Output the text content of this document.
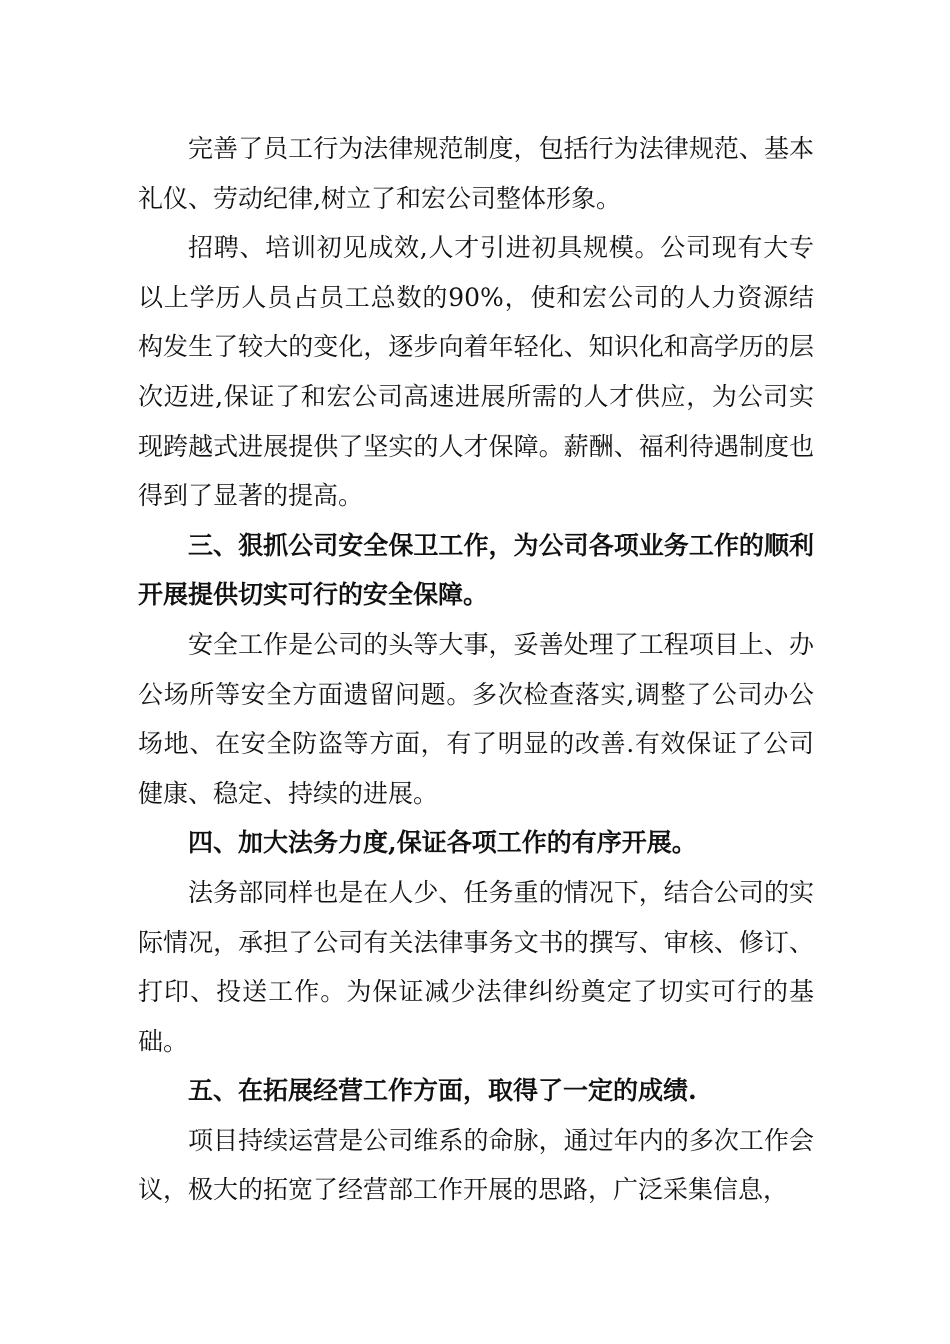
完善了员工行为法律规范制度，包括行为法律规范、基本礼仪、劳动纪律,树立了和宏公司整体形象。

招聘、培训初见成效,人才引进初具规模。公司现有大专以上学历人员占员工总数的90%，使和宏公司的人力资源结构发生了较大的变化，逐步向着年轻化、知识化和高学历的层次迈进,保证了和宏公司高速进展所需的人才供应，为公司实现跨越式进展提供了坚实的人才保障。薪酬、福利待遇制度也得到了显著的提高。

三、狠抓公司安全保卫工作，为公司各项业务工作的顺利开展提供切实可行的安全保障。

安全工作是公司的头等大事，妥善处理了工程项目上、办公场所等安全方面遗留问题。多次检查落实,调整了公司办公场地、在安全防盗等方面，有了明显的改善.有效保证了公司健康、稳定、持续的进展。

四、加大法务力度,保证各项工作的有序开展。

法务部同样也是在人少、任务重的情况下，结合公司的实际情况，承担了公司有关法律事务文书的撰写、审核、修订、打印、投送工作。为保证减少法律纠纷奠定了切实可行的基础。

五、在拓展经营工作方面，取得了一定的成绩.

项目持续运营是公司维系的命脉，通过年内的多次工作会议，极大的拓宽了经营部工作开展的思路，广泛采集信息，
